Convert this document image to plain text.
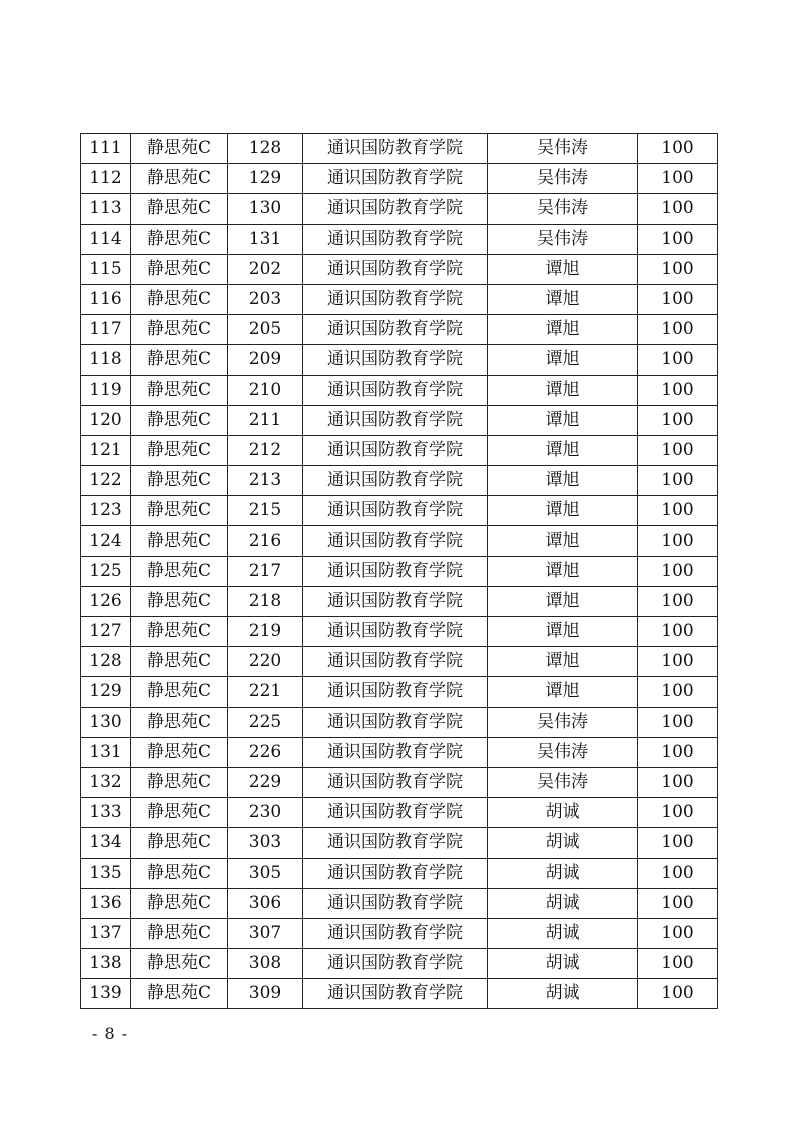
111	静思苑C	128	通识国防教育学院	吴伟涛	100
112	静思苑C	129	通识国防教育学院	吴伟涛	100
113	静思苑C	130	通识国防教育学院	吴伟涛	100
114	静思苑C	131	通识国防教育学院	吴伟涛	100
115	静思苑C	202	通识国防教育学院	谭旭	100
116	静思苑C	203	通识国防教育学院	谭旭	100
117	静思苑C	205	通识国防教育学院	谭旭	100
118	静思苑C	209	通识国防教育学院	谭旭	100
119	静思苑C	210	通识国防教育学院	谭旭	100
120	静思苑C	211	通识国防教育学院	谭旭	100
121	静思苑C	212	通识国防教育学院	谭旭	100
122	静思苑C	213	通识国防教育学院	谭旭	100
123	静思苑C	215	通识国防教育学院	谭旭	100
124	静思苑C	216	通识国防教育学院	谭旭	100
125	静思苑C	217	通识国防教育学院	谭旭	100
126	静思苑C	218	通识国防教育学院	谭旭	100
127	静思苑C	219	通识国防教育学院	谭旭	100
128	静思苑C	220	通识国防教育学院	谭旭	100
129	静思苑C	221	通识国防教育学院	谭旭	100
130	静思苑C	225	通识国防教育学院	吴伟涛	100
131	静思苑C	226	通识国防教育学院	吴伟涛	100
132	静思苑C	229	通识国防教育学院	吴伟涛	100
133	静思苑C	230	通识国防教育学院	胡诚	100
134	静思苑C	303	通识国防教育学院	胡诚	100
135	静思苑C	305	通识国防教育学院	胡诚	100
136	静思苑C	306	通识国防教育学院	胡诚	100
137	静思苑C	307	通识国防教育学院	胡诚	100
138	静思苑C	308	通识国防教育学院	胡诚	100
139	静思苑C	309	通识国防教育学院	胡诚	100
- 8 -
